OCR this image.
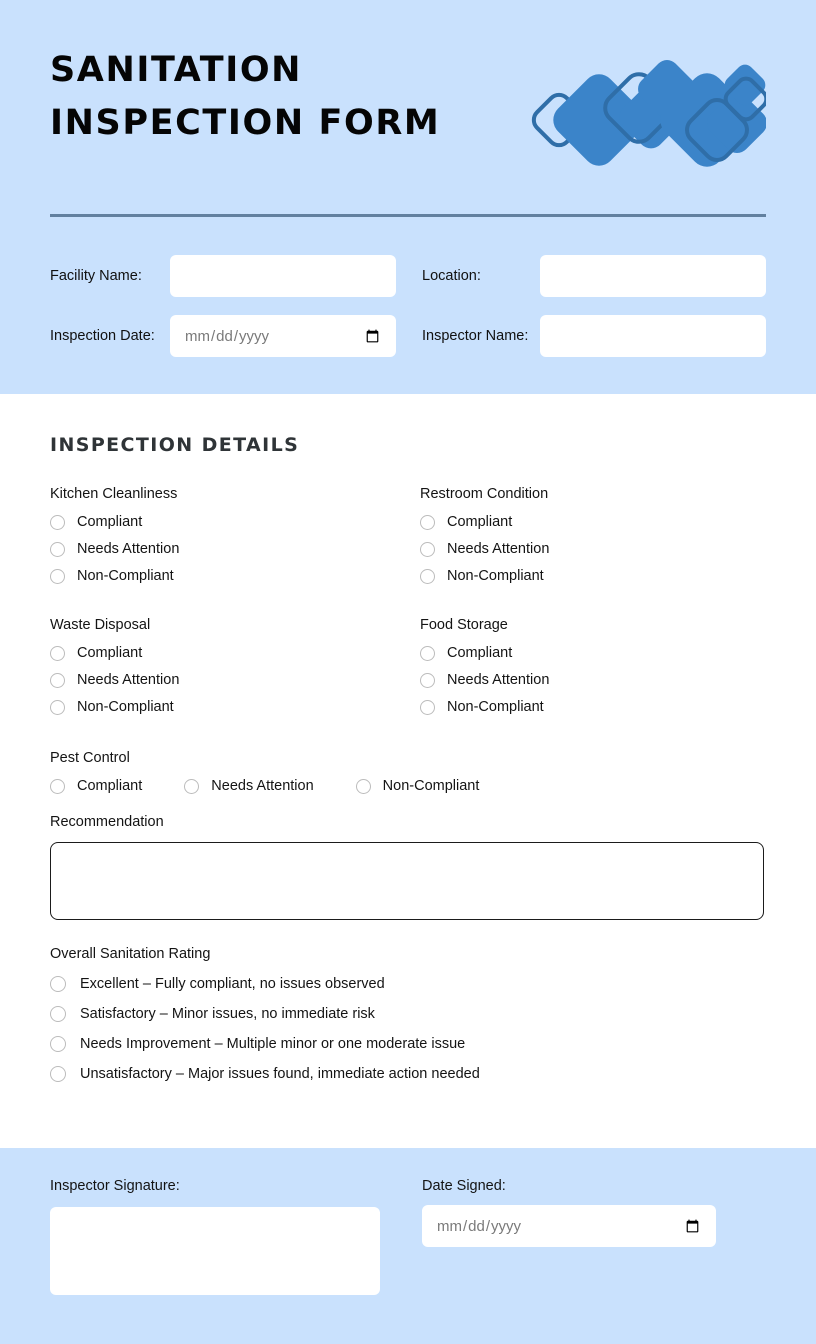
SANITATION INSPECTION FORM
Facility Name:	Location:
Inspection Date:	Inspector Name:
INSPECTION DETAILS
Kitchen Cleanliness
Compliant
Needs Attention
Non-Compliant
Restroom Condition
Compliant
Needs Attention
Non-Compliant
Waste Disposal
Compliant
Needs Attention
Non-Compliant
Food Storage
Compliant
Needs Attention
Non-Compliant
Pest Control
Compliant	Needs Attention	Non-Compliant
Recommendation
Overall Sanitation Rating
Excellent – Fully compliant, no issues observed
Satisfactory – Minor issues, no immediate risk
Needs Improvement – Multiple minor or one moderate issue
Unsatisfactory – Major issues found, immediate action needed
Inspector Signature:	Date Signed:
